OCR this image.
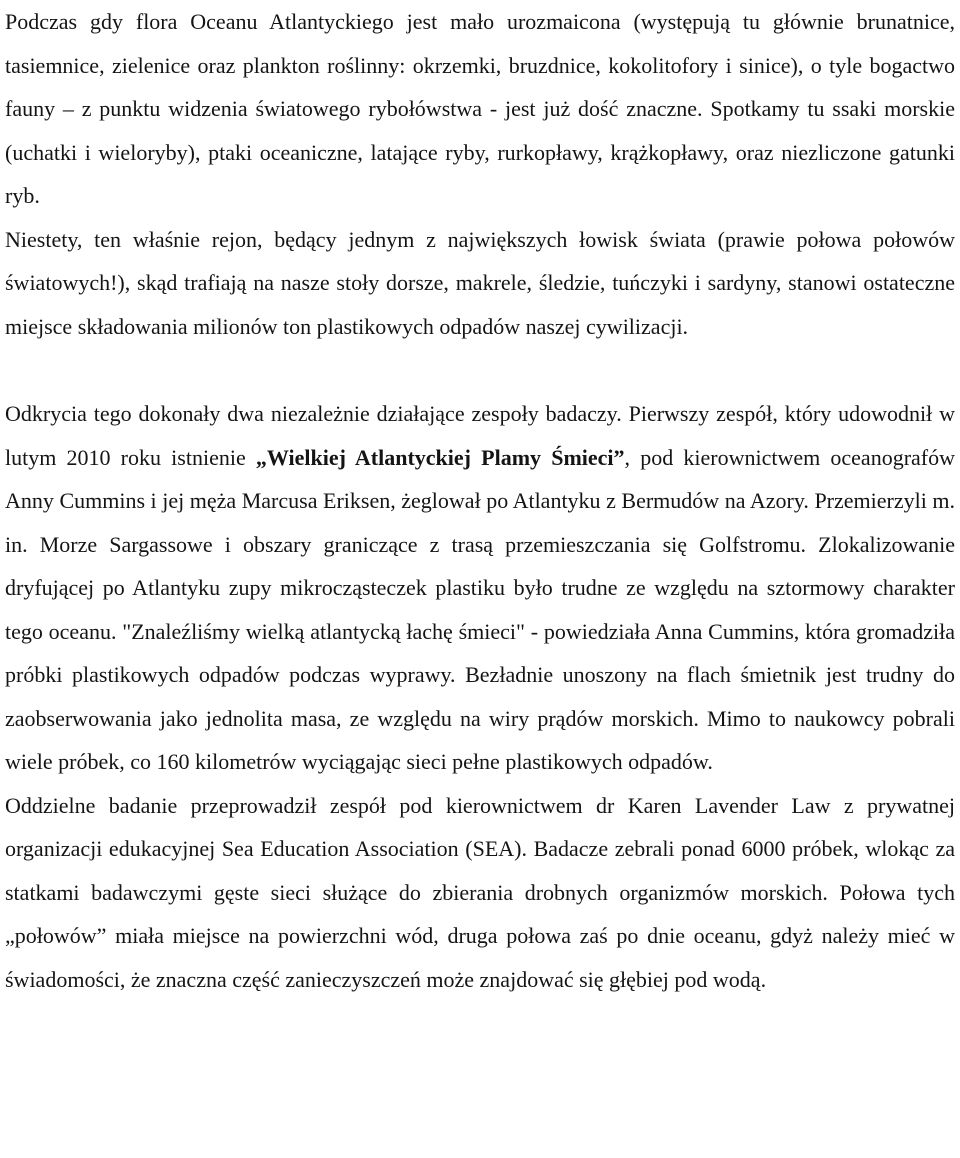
Podczas gdy flora Oceanu Atlantyckiego jest mało urozmaicona (występują tu głównie brunatnice, tasiemnice, zielenice oraz plankton roślinny: okrzemki, bruzdnice, kokolitofory i sinice), o tyle bogactwo fauny – z punktu widzenia światowego rybołówstwa - jest już dość znaczne. Spotkamy tu ssaki morskie (uchatki i wieloryby), ptaki oceaniczne, latające ryby, rurkopławy, krążkopławy, oraz niezliczone gatunki ryb.

Niestety, ten właśnie rejon, będący jednym z największych łowisk świata (prawie połowa połowów światowych!), skąd trafiają na nasze stoły dorsze, makrele, śledzie, tuńczyki i sardyny, stanowi ostateczne miejsce składowania milionów ton plastikowych odpadów naszej cywilizacji.

Odkrycia tego dokonały dwa niezależnie działające zespoły badaczy. Pierwszy zespół, który udowodnił w lutym 2010 roku istnienie „Wielkiej Atlantyckiej Plamy Śmieci”, pod kierownictwem oceanografów Anny Cummins i jej męża Marcusa Eriksen, żeglował po Atlantyku z Bermudów na Azory. Przemierzyli m. in. Morze Sargassowe i obszary graniczące z trasą przemieszczania się Golfstromu. Zlokalizowanie dryfującej po Atlantyku zupy mikrocząsteczek plastiku było trudne ze względu na sztormowy charakter tego oceanu. "Znaleźliśmy wielką atlantycką łachę śmieci" - powiedziała Anna Cummins, która gromadziła próbki plastikowych odpadów podczas wyprawy. Bezładnie unoszony na flach śmietnik jest trudny do zaobserwowania jako jednolita masa, ze względu na wiry prądów morskich. Mimo to naukowcy pobrali wiele próbek, co 160 kilometrów wyciągając sieci pełne plastikowych odpadów.

Oddzielne badanie przeprowadził zespół pod kierownictwem dr Karen Lavender Law z prywatnej organizacji edukacyjnej Sea Education Association (SEA). Badacze zebrali ponad 6000 próbek, wlokąc za statkami badawczymi gęste sieci służące do zbierania drobnych organizmów morskich. Połowa tych „połowów” miała miejsce na powierzchni wód, druga połowa zaś po dnie oceanu, gdyż należy mieć w świadomości, że znaczna część zanieczyszczeń może znajdować się głębiej pod wodą.
